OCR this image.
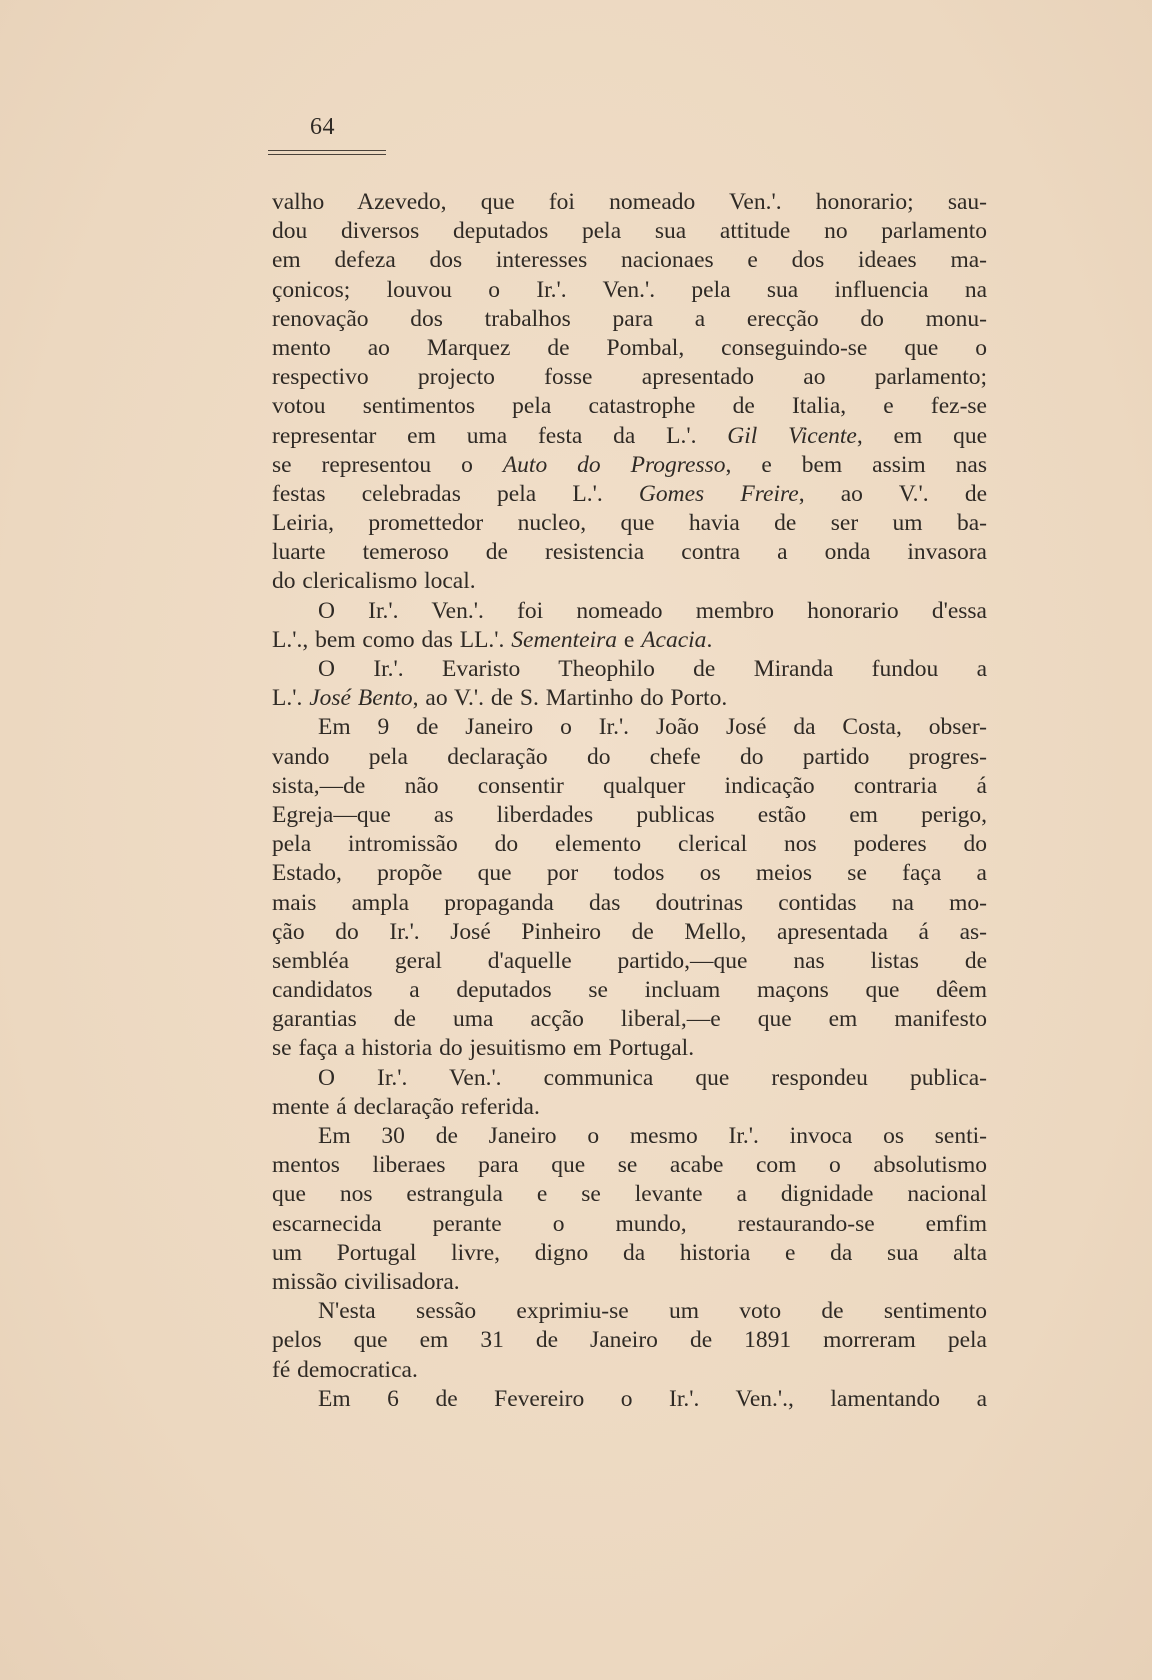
64
valho Azevedo, que foi nomeado Ven.'. honorario; sau-
dou diversos deputados pela sua attitude no parlamento
em defeza dos interesses nacionaes e dos ideaes ma-
çonicos; louvou o Ir.'. Ven.'. pela sua influencia na
renovação dos trabalhos para a erecção do monu-
mento ao Marquez de Pombal, conseguindo-se que o
respectivo projecto fosse apresentado ao parlamento;
votou sentimentos pela catastrophe de Italia, e fez-se
representar em uma festa da L.'. Gil Vicente, em que
se representou o Auto do Progresso, e bem assim nas
festas celebradas pela L.'. Gomes Freire, ao V.'. de
Leiria, promettedor nucleo, que havia de ser um ba-
luarte temeroso de resistencia contra a onda invasora
do clericalismo local.
O Ir.'. Ven.'. foi nomeado membro honorario d'essa
L.'., bem como das LL.'. Sementeira e Acacia.
O Ir.'. Evaristo Theophilo de Miranda fundou a
L.'. José Bento, ao V.'. de S. Martinho do Porto.
Em 9 de Janeiro o Ir.'. João José da Costa, obser-
vando pela declaração do chefe do partido progres-
sista,—de não consentir qualquer indicação contraria á
Egreja—que as liberdades publicas estão em perigo,
pela intromissão do elemento clerical nos poderes do
Estado, propõe que por todos os meios se faça a
mais ampla propaganda das doutrinas contidas na mo-
ção do Ir.'. José Pinheiro de Mello, apresentada á as-
sembléa geral d'aquelle partido,—que nas listas de
candidatos a deputados se incluam maçons que dêem
garantias de uma acção liberal,—e que em manifesto
se faça a historia do jesuitismo em Portugal.
O Ir.'. Ven.'. communica que respondeu publica-
mente á declaração referida.
Em 30 de Janeiro o mesmo Ir.'. invoca os senti-
mentos liberaes para que se acabe com o absolutismo
que nos estrangula e se levante a dignidade nacional
escarnecida perante o mundo, restaurando-se emfim
um Portugal livre, digno da historia e da sua alta
missão civilisadora.
N'esta sessão exprimiu-se um voto de sentimento
pelos que em 31 de Janeiro de 1891 morreram pela
fé democratica.
Em 6 de Fevereiro o Ir.'. Ven.'., lamentando a
